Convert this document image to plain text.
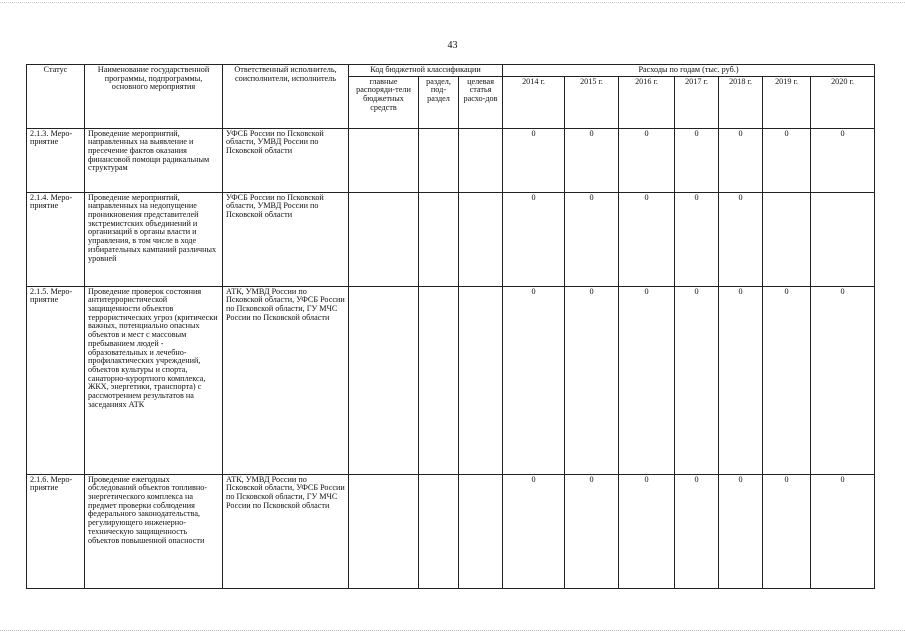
43
Статус	Наименование государственной программы, подпрограммы, основного мероприятия	Ответственный исполнитель, соисполнители, исполнитель	Код бюджетной классификации			Расходы по годам (тыс. руб.)						
			главные распоряди-тели бюджетных средств	раздел, под-раздел	целевая статья расхо-дов	2014 г.	2015 г.	2016 г.	2017 г.	2018 г.	2019 г.	2020 г.
2.1.3. Меро-приятие	Проведение мероприятий, направленных на выявление и пресечение фактов оказания финансовой помощи радикальным структурам	УФСБ России по Псковской области, УМВД России по Псковской области				0	0	0	0	0	0	0
2.1.4. Меро-приятие	Проведение мероприятий, направленных на недопущение проникновения представителей экстремистских объединений и организаций в органы власти и управления, в том числе в ходе избирательных кампаний различных уровней	УФСБ России по Псковской области, УМВД России по Псковской области				0	0	0	0	0		
2.1.5. Меро-приятие	Проведение проверок состояния антитеррористической защищенности объектов террористических угроз (критически важных, потенциально опасных объектов и мест с массовым пребыванием людей - образовательных и лечебно-профилактических учреждений, объектов культуры и спорта, санаторно-курортного комплекса, ЖКХ, энергетики, транспорта) с рассмотрением результатов на заседаниях АТК	АТК, УМВД России по Псковской области, УФСБ России по Псковской области, ГУ МЧС России по Псковской области				0	0	0	0	0	0	0
2.1.6. Меро-приятие	Проведение ежегодных обследований объектов топливно-энергетического комплекса на предмет проверки соблюдения федерального законодательства, регулирующего инженерно-техническую защищенность объектов повышенной опасности	АТК, УМВД России по Псковской области, УФСБ России по Псковской области, ГУ МЧС России по Псковской области				0	0	0	0	0	0	0
